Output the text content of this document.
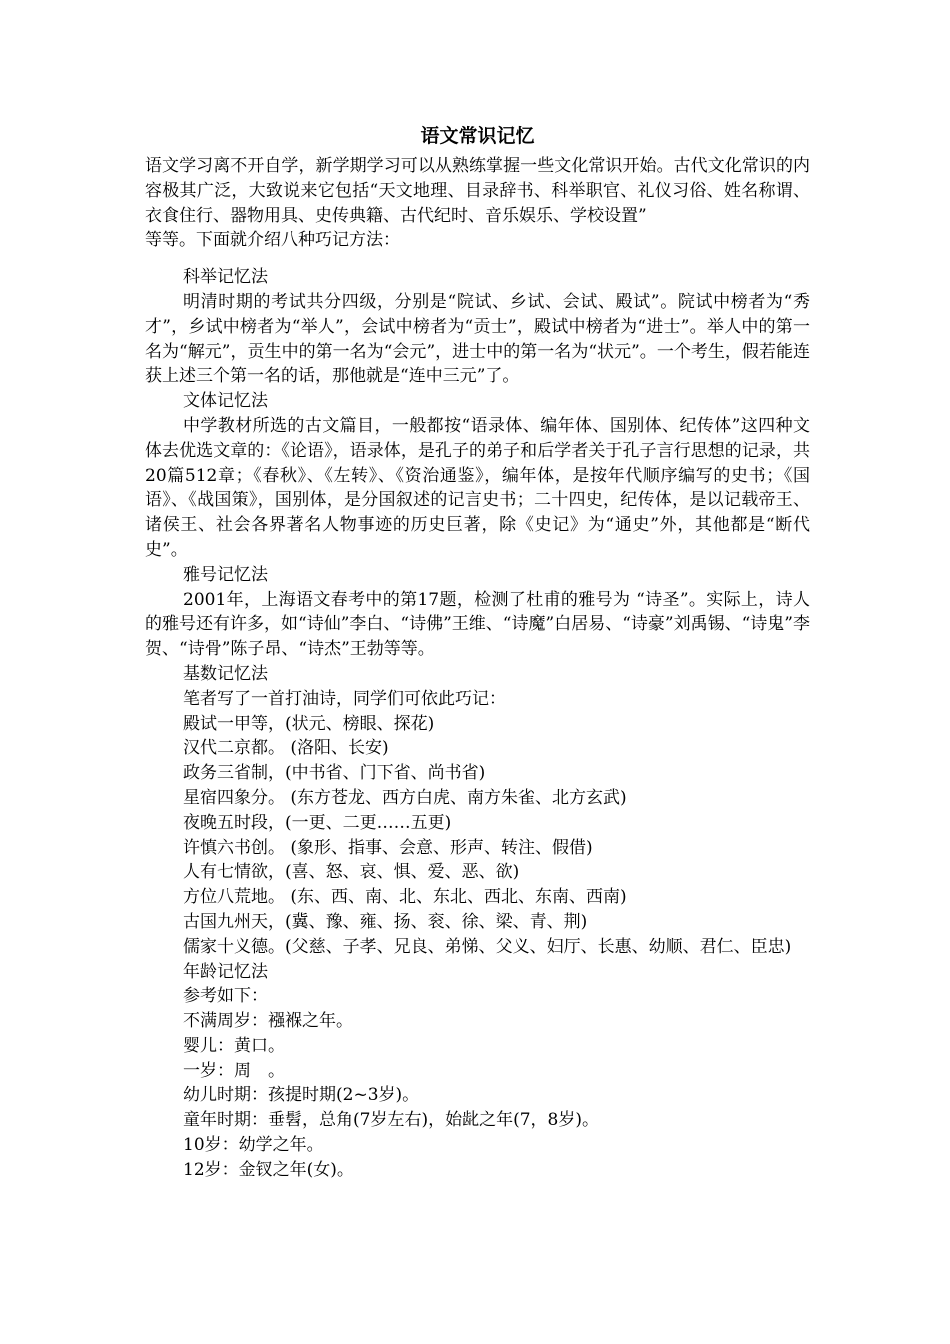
语文常识记忆

语文学习离不开自学，新学期学习可以从熟练掌握一些文化常识开始。古代文化常识的内容极其广泛，大致说来它包括“天文地理、目录辞书、科举职官、礼仪习俗、姓名称谓、衣食住行、器物用具、史传典籍、古代纪时、音乐娱乐、学校设置”

等等。下面就介绍八种巧记方法：

科举记忆法

明清时期的考试共分四级，分别是“院试、乡试、会试、殿试”。院试中榜者为“秀才”，乡试中榜者为“举人”，会试中榜者为“贡士”，殿试中榜者为“进士”。举人中的第一名为“解元”，贡生中的第一名为“会元”，进士中的第一名为“状元”。一个考生，假若能连获上述三个第一名的话，那他就是“连中三元”了。

文体记忆法

中学教材所选的古文篇目，一般都按“语录体、编年体、国别体、纪传体”这四种文体去优选文章的：《论语》，语录体，是孔子的弟子和后学者关于孔子言行思想的记录，共20篇512章；《春秋》、《左转》、《资治通鉴》，编年体，是按年代顺序编写的史书；《国语》、《战国策》，国别体，是分国叙述的记言史书；二十四史，纪传体，是以记载帝王、诸侯王、社会各界著名人物事迹的历史巨著，除《史记》为“通史”外，其他都是“断代史”。

雅号记忆法

2001年，上海语文春考中的第17题，检测了杜甫的雅号为 “诗圣”。实际上，诗人的雅号还有许多，如“诗仙”李白、“诗佛”王维、“诗魔”白居易、“诗豪”刘禹锡、“诗鬼”李贺、“诗骨”陈子昂、“诗杰”王勃等等。

基数记忆法

笔者写了一首打油诗，同学们可依此巧记：

殿试一甲等，(状元、榜眼、探花)

汉代二京都。 (洛阳、长安)

政务三省制，(中书省、门下省、尚书省)

星宿四象分。 (东方苍龙、西方白虎、南方朱雀、北方玄武)

夜晚五时段，(一更、二更……五更)

许慎六书创。 (象形、指事、会意、形声、转注、假借)

人有七情欲，(喜、怒、哀、惧、爱、恶、欲)

方位八荒地。 (东、西、南、北、东北、西北、东南、西南)

古国九州天，(冀、豫、雍、扬、衮、徐、梁、青、荆)

儒家十义德。(父慈、子孝、兄良、弟悌、父义、妇厅、长惠、幼顺、君仁、臣忠)

年龄记忆法

参考如下：

不满周岁：襁褓之年。

婴儿：黄口。

一岁：周　。

幼儿时期：孩提时期(2~3岁)。

童年时期：垂髫，总角(7岁左右)，始龀之年(7，8岁)。

10岁：幼学之年。

12岁：金钗之年(女)。
